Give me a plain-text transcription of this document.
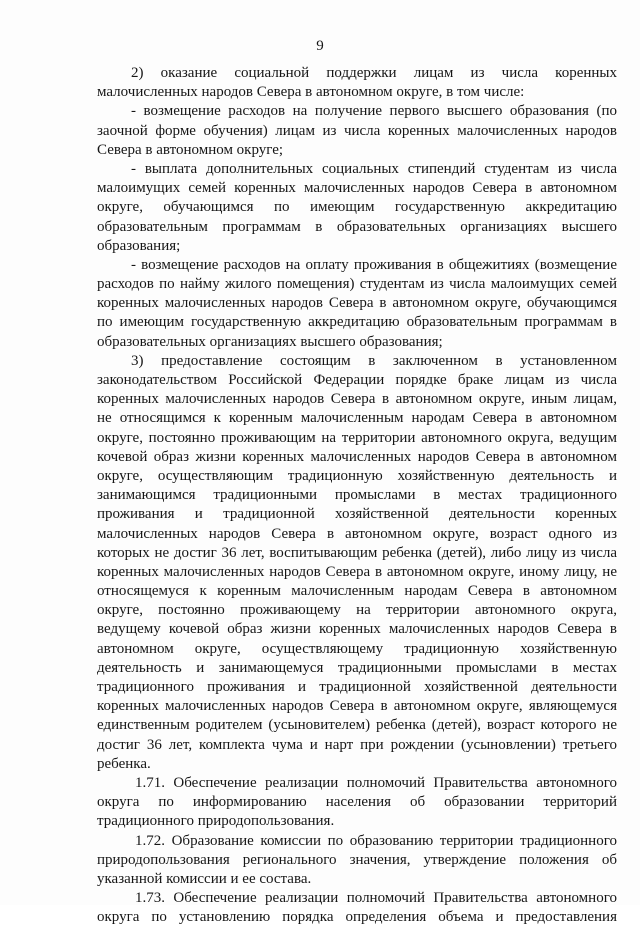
9
2) оказание социальной поддержки лицам из числа коренных
малочисленных народов Севера в автономном округе, в том числе:
- возмещение расходов на получение первого высшего образования (по
заочной форме обучения) лицам из числа коренных малочисленных народов
Севера в автономном округе;
- выплата дополнительных социальных стипендий студентам из числа
малоимущих семей коренных малочисленных народов Севера в автономном
округе, обучающимся по имеющим государственную аккредитацию
образовательным программам в образовательных организациях высшего
образования;
- возмещение расходов на оплату проживания в общежитиях (возмещение
расходов по найму жилого помещения) студентам из числа малоимущих семей
коренных малочисленных народов Севера в автономном округе, обучающимся
по имеющим государственную аккредитацию образовательным программам в
образовательных организациях высшего образования;
3) предоставление состоящим в заключенном в установленном
законодательством Российской Федерации порядке браке лицам из числа
коренных малочисленных народов Севера в автономном округе, иным лицам,
не относящимся к коренным малочисленным народам Севера в автономном
округе, постоянно проживающим на территории автономного округа, ведущим
кочевой образ жизни коренных малочисленных народов Севера в автономном
округе, осуществляющим традиционную хозяйственную деятельность и
занимающимся традиционными промыслами в местах традиционного
проживания и традиционной хозяйственной деятельности коренных
малочисленных народов Севера в автономном округе, возраст одного из
которых не достиг 36 лет, воспитывающим ребенка (детей), либо лицу из числа
коренных малочисленных народов Севера в автономном округе, иному лицу, не
относящемуся к коренным малочисленным народам Севера в автономном
округе, постоянно проживающему на территории автономного округа,
ведущему кочевой образ жизни коренных малочисленных народов Севера в
автономном округе, осуществляющему традиционную хозяйственную
деятельность и занимающемуся традиционными промыслами в местах
традиционного проживания и традиционной хозяйственной деятельности
коренных малочисленных народов Севера в автономном округе, являющемуся
единственным родителем (усыновителем) ребенка (детей), возраст которого не
достиг 36 лет, комплекта чума и нарт при рождении (усыновлении) третьего
ребенка.
1.71. Обеспечение реализации полномочий Правительства автономного
округа по информированию населения об образовании территорий
традиционного природопользования.
1.72. Образование комиссии по образованию территории традиционного
природопользования регионального значения, утверждение положения об
указанной комиссии и ее состава.
1.73. Обеспечение реализации полномочий Правительства автономного
округа по установлению порядка определения объема и предоставления
